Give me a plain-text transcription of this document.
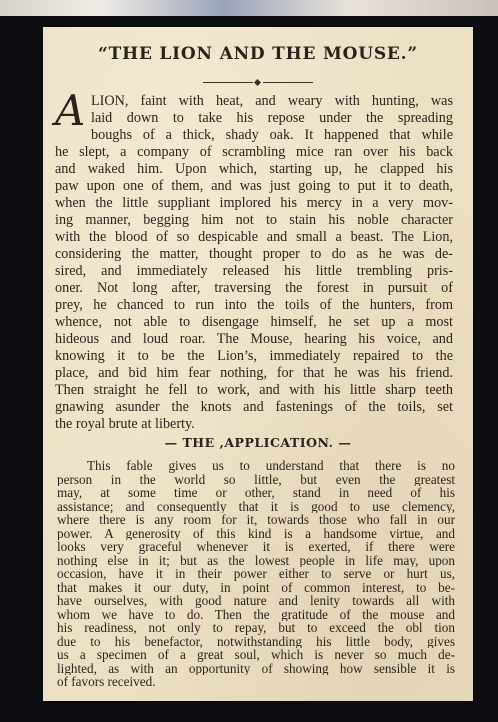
“THE LION AND THE MOUSE.”
A LION, faint with heat, and weary with hunting, was

laid down to take his repose under the spreading

boughs of a thick, shady oak. It happened that while

he slept, a company of scrambling mice ran over his back

and waked him. Upon which, starting up, he clapped his

paw upon one of them, and was just going to put it to death,

when the little suppliant implored his mercy in a very mov-

ing manner, begging him not to stain his noble character

with the blood of so despicable and small a beast. The Lion,

considering the matter, thought proper to do as he was de-

sired, and immediately released his little trembling pris-

oner. Not long after, traversing the forest in pursuit of

prey, he chanced to run into the toils of the hunters, from

whence, not able to disengage himself, he set up a most

hideous and loud roar. The Mouse, hearing his voice, and

knowing it to be the Lion’s, immediately repaired to the

place, and bid him fear nothing, for that he was his friend.

Then straight he fell to work, and with his little sharp teeth

gnawing asunder the knots and fastenings of the toils, set

the royal brute at liberty.

— THE ,APPLICATION. —

This fable gives us to understand that there is no

person in the world so little, but even the greatest

may, at some time or other, stand in need of his

assistance; and consequently that it is good to use clemency,

where there is any room for it, towards those who fall in our

power. A generosity of this kind is a handsome virtue, and

looks very graceful whenever it is exerted, if there were

nothing else in it; but as the lowest people in life may, upon

occasion, have it in their power either to serve or hurt us,

that makes it our duty, in point of common interest, to be-

have ourselves, with good nature and lenity towards all with

whom we have to do. Then the gratitude of the mouse and

his readiness, not only to repay, but to exceed the obl tion

due to his benefactor, notwithstanding his little body, gives

us a specimen of a great soul, which is never so much de-

lighted, as with an opportunity of showing how sensible it is

of favors received.
